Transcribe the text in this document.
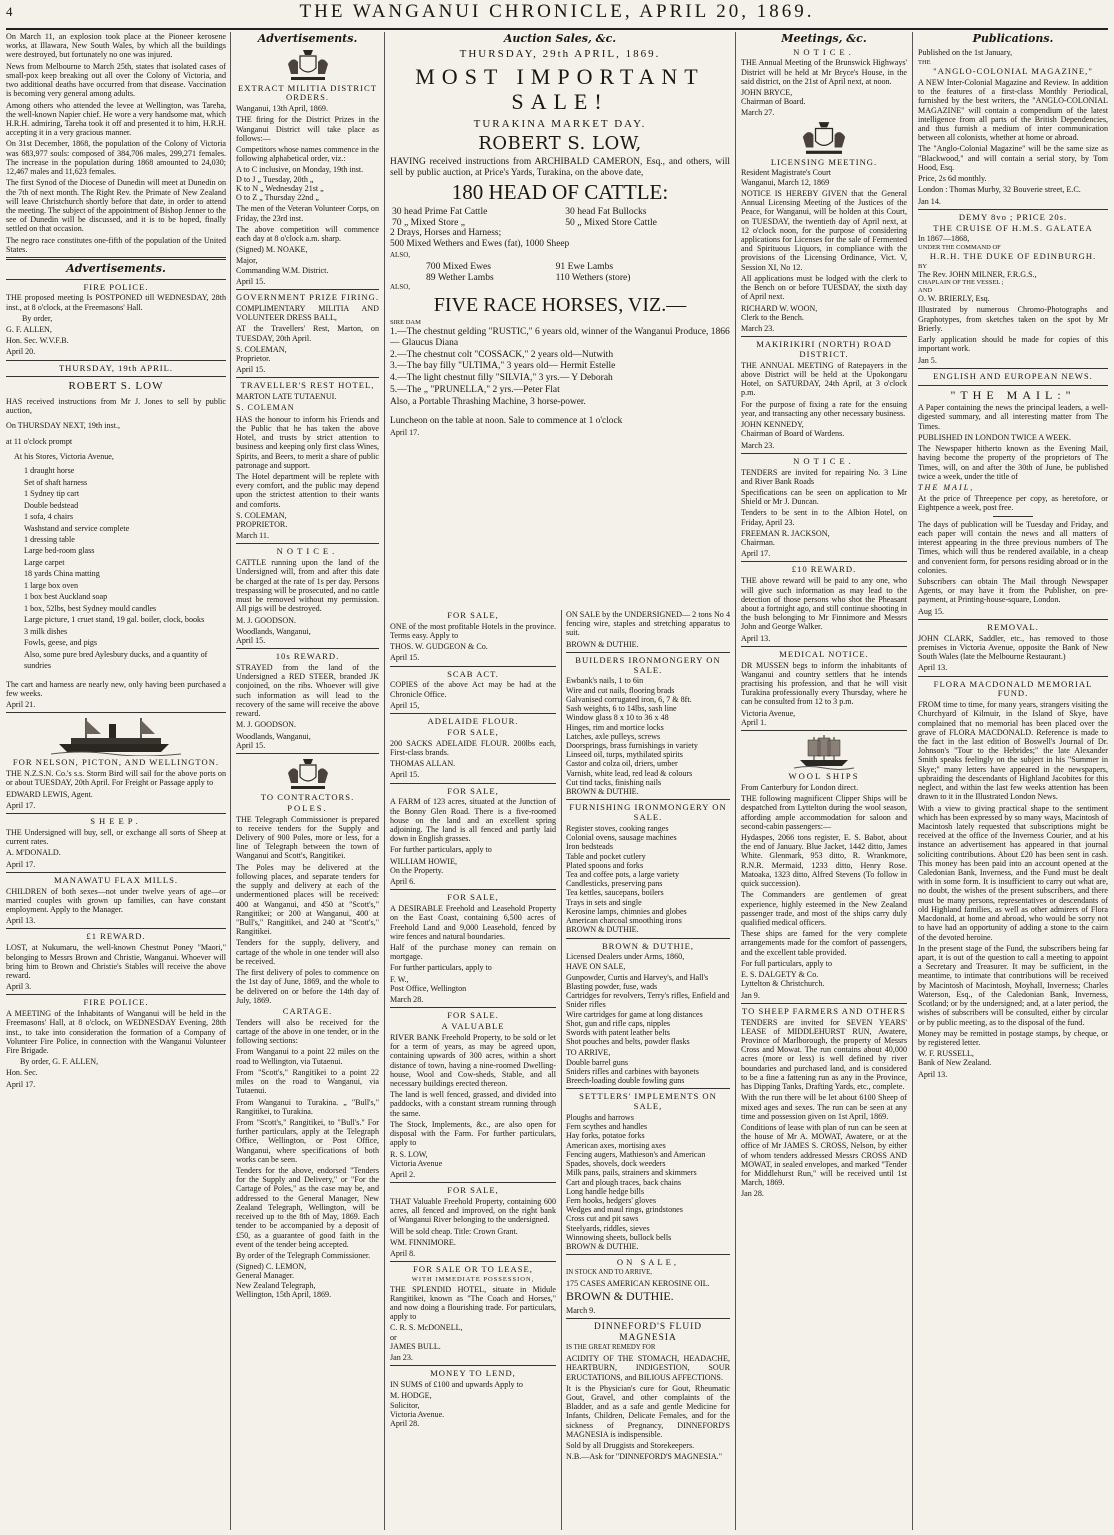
THE WANGANUI CHRONICLE, APRIL 20, 1869.
4

On March 11, an explosion took place at the Pioneer kerosene works, at Illawara, New South Wales, by which all the buildings were destroyed, but fortunately no one was injured.

News from Melbourne to March 25th, states that isolated cases of small-pox keep breaking out all over the Colony of Victoria, and two additional deaths have occurred from that disease. Vaccination is becoming very general among adults.

Among others who attended the levee at Wellington, was Tareha, the well-known Napier chief. He wore a very handsome mat, which H.R.H. admiring, Tareha took it off and presented it to him, H.R.H. accepting it in a very gracious manner.

On 31st December, 1868, the population of the Colony of Victoria was 683,977 souls: composed of 384,706 males, 299,271 females. The increase in the population during 1868 amounted to 24,030; 12,467 males and 11,623 females.

The first Synod of the Diocese of Dunedin will meet at Dunedin on the 7th of next month. The Right Rev. the Primate of New Zealand will leave Christchurch shortly before that date, in order to attend the meeting. The subject of the appointment of Bishop Jenner to the see of Dunedin will be discussed, and it is to be hoped, finally settled on that occasion.

The negro race constitutes one-fifth of the population of the United States.

Advertisements.
FIRE POLICE.

THE proposed meeting Is POSTPONED till WEDNESDAY, 28th inst., at 8 o'clock, at the Freemasons' Hall.

By order,

G. F. ALLEN,

Hon. Sec. W.V.F.B.

April 20.

THURSDAY, 19th APRIL.
ROBERT S. LOW

HAS received instructions from Mr J. Jones to sell by public auction,

On THURSDAY NEXT, 19th inst.,

at 11 o'clock prompt

At his Stores, Victoria Avenue,

1 draught horse
Set of shaft harness
1 Sydney tip cart
Double bedstead
1 sofa, 4 chairs
Washstand and service complete
1 dressing table
Large bed-room glass
Large carpet
18 yards China matting
1 large box oven
1 box best Auckland soap
1 box, 52lbs, best Sydney mould candles
Large picture, 1 cruet stand, 19 gal. boiler, clock, books
3 milk dishes
Fowls, geese, and pigs
Also, some pure bred Aylesbury ducks, and a quantity of sundries

The cart and harness are nearly new, only having been purchased a few weeks.

April 21.

FOR NELSON, PICTON, AND WELLINGTON.

THE N.Z.S.N. Co.'s s.s. Storm Bird will sail for the above ports on or about TUESDAY, 20th April. For Freight or Passage apply to

EDWARD LEWIS, Agent.

April 17.

SHEEP.

THE Undersigned will buy, sell, or exchange all sorts of Sheep at current rates.

A. M'DONALD.

April 17.

MANAWATU FLAX MILLS.

CHILDREN of both sexes—not under twelve years of age—or married couples with grown up families, can have constant employment. Apply to the Manager.

April 13.

£1 REWARD.

LOST, at Nukumaru, the well-known Chestnut Poney "Maori," belonging to Messrs Brown and Christie, Wanganui. Whoever will bring him to Brown and Christie's Stables will receive the above reward.

April 3.

FIRE POLICE.

A MEETING of the Inhabitants of Wanganui will be held in the Freemasons' Hall, at 8 o'clock, on WEDNESDAY Evening, 28th inst., to take into consideration the formation of a Company of Volunteer Fire Police, in connection with the Wanganui Volunteer Fire Brigade.

By order, G. F. ALLEN,

Hon. Sec.

April 17.

Advertisements.
EXTRACT MILITIA DISTRICT ORDERS.

Wanganui, 13th April, 1869.

THE firing for the District Prizes in the Wanganui District will take place as follows:—

Competitors whose names commence in the following alphabetical order, viz.:

A to C inclusive, on Monday, 19th inst.

D to J „ Tuesday, 20th „

K to N „ Wednesday 21st „

O to Z „ Thursday 22nd „

The men of the Veteran Volunteer Corps, on Friday, the 23rd inst.

The above competition will commence each day at 8 o'clock a.m. sharp.

(Signed) M. NOAKE,

Major,

Commanding W.M. District.

April 15.

GOVERNMENT PRIZE FIRING.

COMPLIMENTARY MILITIA AND VOLUNTEER DRESS BALL,

AT the Travellers' Rest, Marton, on TUESDAY, 20th April.

S. COLEMAN,

Proprietor.

April 15.

TRAVELLER'S REST HOTEL,

MARTON LATE TUTAENUI.

S. COLEMAN

HAS the honour to inform his Friends and the Public that he has taken the above Hotel, and trusts by strict attention to business and keeping only first class Wines, Spirits, and Beers, to merit a share of public patronage and support.

The Hotel department will be replete with every comfort, and the public may depend upon the strictest attention to their wants and comforts.

S. COLEMAN,

PROPRIETOR.

March 11.

NOTICE.

CATTLE running upon the land of the Undersigned will, from and after this date be charged at the rate of 1s per day. Persons trespassing will be prosecuted, and no cattle must be removed without my permission. All pigs will be destroyed.

M. J. GOODSON.

Woodlands, Wanganui,

April 15.

10s REWARD.

STRAYED from the land of the Undersigned a RED STEER, branded JK conjoined, on the ribs. Whoever will give such information as will lead to the recovery of the same will receive the above reward.

M. J. GOODSON.

Woodlands, Wanganui,

April 15.

TO CONTRACTORS.
POLES.

THE Telegraph Commissioner is prepared to receive tenders for the Supply and Delivery of 900 Poles, more or less, for a line of Telegraph between the town of Wanganui and Scott's, Rangitikei.

The Poles may be delivered at the following places, and separate tenders for the supply and delivery at each of the undermentioned places will be received: 400 at Wanganui, and 450 at "Scott's," Rangitikei; or 200 at Wanganui, 400 at "Bull's," Rangitikei, and 240 at "Scott's," Rangitikei.

Tenders for the supply, delivery, and cartage of the whole in one tender will also be received.

The first delivery of poles to commence on the 1st day of June, 1869, and the whole to be delivered on or before the 14th day of July, 1869.

CARTAGE.

Tenders will also be received for the cartage of the above in one tender, or in the following sections:

From Wanganui to a point 22 miles on the road to Wellington, via Tutaenui.

From "Scott's," Rangitikei to a point 22 miles on the road to Wanganui, via Tutaenui.

From Wanganui to Turakina. „ "Bull's," Rangitikei, to Turakina.

From "Scott's," Rangitikei, to "Bull's." For further particulars, apply at the Telegraph Office, Wellington, or Post Office, Wanganui, where specifications of both works can be seen.

Tenders for the above, endorsed "Tenders for the Supply and Delivery," or "For the Cartage of Poles," as the case may be, and addressed to the General Manager, New Zealand Telegraph, Wellington, will be received up to the 8th of May, 1869. Each tender to be accompanied by a deposit of £50, as a guarantee of good faith in the event of the tender being accepted.

By order of the Telegraph Commissioner.

(Signed) C. LEMON,

General Manager.

New Zealand Telegraph,

Wellington, 15th April, 1869.

Auction Sales, &c.
THURSDAY, 29th APRIL, 1869.
MOST IMPORTANT SALE!
TURAKINA MARKET DAY.
ROBERT S. LOW,

HAVING received instructions from ARCHIBALD CAMERON, Esq., and others, will sell by public auction, at Price's Yards, Turakina, on the above date,

180 HEAD OF CATTLE:
30 head Prime Fat Cattle	30 head Fat Bullocks
70 „ Mixed Store „	50 „ Mixed Store Cattle

2 Drays, Horses and Harness;

500 Mixed Wethers and Ewes (fat), 1000 Sheep

ALSO,

700 Mixed Ewes	91 Ewe Lambs
89 Wether Lambs	110 Wethers (store)

ALSO,

FIVE RACE HORSES, VIZ.—

SIRE DAM

1.—The chestnut gelding "RUSTIC," 6 years old, winner of the Wanganui Produce, 1866— Glaucus Diana
2.—The chestnut colt "COSSACK," 2 years old—Nutwith
3.—The bay filly "ULTIMA," 3 years old— Hermit Estelle
4.—The light chestnut filly "SILVIA," 3 yrs.— Y Deborah
5.—The „ "PRUNELLA," 2 yrs.—Peter Flat

Also, a Portable Thrashing Machine, 3 horse-power.

Luncheon on the table at noon. Sale to commence at 1 o'clock

April 17.

FOR SALE,

ONE of the most profitable Hotels in the province. Terms easy. Apply to

THOS. W. GUDGEON & Co.

April 15.

SCAB ACT.

COPIES of the above Act may be had at the Chronicle Office.

April 15,

ADELAIDE FLOUR.
FOR SALE,

200 SACKS ADELAIDE FLOUR. 200lbs each, First-class brands.

THOMAS ALLAN.

April 15.

FOR SALE,

A FARM of 123 acres, situated at the Junction of the Bonny Glen Road. There is a five-roomed house on the land and an excellent spring adjoining. The land is all fenced and partly laid down in English grasses.

For further particulars, apply to

WILLIAM HOWIE,

On the Property.

April 6.

FOR SALE,

A DESIRABLE Freehold and Leasehold Property on the East Coast, containing 6,500 acres of Freehold Land and 9,000 Leasehold, fenced by wire fences and natural boundaries.

Half of the purchase money can remain on mortgage.

For further particulars, apply to

F. W.,

Post Office, Wellington

March 28.

FOR SALE.
A VALUABLE

RIVER BANK Freehold Property, to be sold or let for a term of years, as may be agreed upon, containing upwards of 300 acres, within a short distance of town, having a nine-roomed Dwelling-house, Wool and Cow-sheds, Stable, and all necessary buildings erected thereon.

The land is well fenced, grassed, and divided into paddocks, with a constant stream running through the same.

The Stock, Implements, &c., are also open for disposal with the Farm. For further particulars, apply to

R. S. LOW,

Victoria Avenue

April 2.

FOR SALE,

THAT Valuable Freehold Property, containing 600 acres, all fenced and improved, on the right bank of Wanganui River belonging to the undersigned.

Will be sold cheap. Title: Crown Grant.

WM. FINNIMORE.

April 8.

FOR SALE OR TO LEASE,
WITH IMMEDIATE POSSESSION,

THE SPLENDID HOTEL, situate in Midule Rangitikei, known as "The Coach and Horses," and now doing a flourishing trade. For particulars, apply to

C. R. S. McDONELL,

or

JAMES BULL.

Jan 23.

MONEY TO LEND,

IN SUMS of £100 and upwards Apply to

M. HODGE,

Solicitor,

Victoria Avenue.

April 28.

ON SALE by the UNDERSIGNED— 2 tons No 4 fencing wire, staples and stretching apparatus to suit.

BROWN & DUTHIE.

BUILDERS IRONMONGERY ON SALE.
Ewbank's nails, 1 to 6in
Wire and cut nails, flooring brads
Galvanised corrugated iron, 6, 7 & 8ft.
Sash weights, 6 to 14lbs, sash line
Window glass 8 x 10 to 36 x 48
Hinges, rim and mortice locks
Latches, axle pulleys, screws
Doorsprings, brass furnishings in variety
Linseed oil, turps, mythilated spirits
Castor and colza oil, driers, umber
Varnish, white lead, red lead & colours
Cut tind tacks, finishing nails

BROWN & DUTHIE.

FURNISHING IRONMONGERY ON SALE.
Register stoves, cooking ranges
Colonial ovens, sausage machines
Iron bedsteads
Table and pocket cutlery
Plated spoons and forks
Tea and coffee pots, a large variety
Candlesticks, preserving pans
Tea kettles, saucepans, boilers
Trays in sets and single
Kerosine lamps, chimnies and globes
American charcoal smoothing irons

BROWN & DUTHIE.

BROWN & DUTHIE,

Licensed Dealers under Arms, 1860,

HAVE ON SALE,

Gunpowder, Curtis and Harvey's, and Hall's
Blasting powder, fuse, wads
Cartridges for revolvers, Terry's rifles, Enfield and Snider rifles
Wire cartridges for game at long distances
Shot, gun and rifle caps, nipples
Swords with patent leather belts
Shot pouches and belts, powder flasks

TO ARRIVE,

Double barrel guns
Sniders rifles and carbines with bayonets
Breech-loading double fowling guns
SETTLERS' IMPLEMENTS ON SALE,
Ploughs and harrows
Fern scythes and handles
Hay forks, potatoe forks
American axes, mortising axes
Fencing augers, Mathieson's and American
Spades, shovels, dock weeders
Milk pans, pails, strainers and skimmers
Cart and plough traces, back chains
Long handle hedge bills
Fern hooks, hedgers' gloves
Wedges and maul rings, grindstones
Cross cut and pit saws
Steelyards, riddles, sieves
Winnowing sheets, bullock bells

BROWN & DUTHIE.

ON SALE,

IN STOCK AND TO ARRIVE,

175 CASES AMERICAN KEROSINE OIL.

BROWN & DUTHIE.

March 9.

DINNEFORD'S FLUID MAGNESIA

IS THE GREAT REMEDY FOR

ACIDITY OF THE STOMACH, HEADACHE, HEARTBURN, INDIGESTION, SOUR ERUCTATIONS, and BILIOUS AFFECTIONS.

It is the Physician's cure for Gout, Rheumatic Gout, Gravel, and other complaints of the Bladder, and as a safe and gentle Medicine for Infants, Children, Delicate Females, and for the sickness of Pregnancy, DINNEFORD'S MAGNESIA is indispensible.

Sold by all Druggists and Storekeepers.

N.B.—Ask for "DINNEFORD'S MAGNESIA."

Meetings, &c.
NOTICE.

THE Annual Meeting of the Brunswick Highways' District will be held at Mr Bryce's House, in the said district, on the 21st of April next, at noon.

JOHN BRYCE,

Chairman of Board.

March 27.

LICENSING MEETING.

Resident Magistrate's Court

Wanganui, March 12, 1869

NOTICE IS HEREBY GIVEN that the General Annual Licensing Meeting of the Justices of the Peace, for Wanganui, will be holden at this Court, on TUESDAY, the twentieth day of April next, at 12 o'clock noon, for the purpose of considering applications for Licenses for the sale of Fermented and Spirituous Liquors, in compliance with the provisions of the Licensing Ordinance, Vict. V, Session XI, No 12.

All applications must be lodged with the clerk to the Bench on or before TUESDAY, the sixth day of April next.

RICHARD W. WOON,

Clerk to the Bench.

March 23.

MAKIRIKIRI (NORTH) ROAD DISTRICT.

THE ANNUAL MEETING of Ratepayers in the above District will be held at the Upokongaru Hotel, on SATURDAY, 24th April, at 3 o'clock p.m.

For the purpose of fixing a rate for the ensuing year, and transacting any other necessary business.

JOHN KENNEDY,

Chairman of Board of Wardens.

March 23.

NOTICE.

TENDERS are invited for repairing No. 3 Line and River Bank Roads

Specifications can be seen on application to Mr Shield or Mr J. Duncan.

Tenders to be sent in to the Albion Hotel, on Friday, April 23.

FREEMAN R. JACKSON,

Chairman.

April 17.

£10 REWARD.

THE above reward will be paid to any one, who will give such information as may lead to the detection of those persons who shot the Pheasant about a fortnight ago, and still continue shooting in the bush belonging to Mr Finnimore and Messrs John and George Walker.

April 13.

MEDICAL NOTICE.

DR MUSSEN begs to inform the inhabitants of Wanganui and country settlers that he intends practising his profession, and that he will visit Turakina professionally every Thursday, where he can be consulted from 12 to 3 p.m.

Victoria Avenue,

April 1.

WOOL SHIPS

From Canterbury for London direct.

THE following magnificent Clipper Ships will be despatched from Lyttelton during the wool season, affording ample accommodation for saloon and second-cabin passengers:—

Hydaspes, 2066 tons register, E. S. Babot, about the end of January. Blue Jacket, 1442 ditto, James White. Glenmark, 953 ditto, R. Wrankmore, R.N.R. Mermaid, 1233 ditto, Henry Rose. Matoaka, 1323 ditto, Alfred Stevens (To follow in quick succession).

The Commanders are gentlemen of great experience, highly esteemed in the New Zealand passenger trade, and most of the ships carry duly qualified medical officers.

These ships are famed for the very complete arrangements made for the comfort of passengers, and the excellent table provided.

For full particulars, apply to

E. S. DALGETY & Co.

Lyttelton & Christchurch.

Jan 9.

TO SHEEP FARMERS AND OTHERS

TENDERS are invited for SEVEN YEARS' LEASE of MIDDLEHURST RUN, Awatere, Province of Marlborough, the property of Messrs Cross and Mowat. The run contains about 40,000 acres (more or less) is well defined by river boundaries and purchased land, and is considered to be a fine a fattening run as any in the Province, has Dipping Tanks, Drafting Yards, etc., complete.

With the run there will be let about 6100 Sheep of mixed ages and sexes. The run can be seen at any time and possession given on 1st April, 1869.

Conditions of lease with plan of run can be seen at the house of Mr A. MOWAT, Awatere, or at the office of Mr JAMES S. CROSS, Nelson, by either of whom tenders addressed Messrs CROSS AND MOWAT, in sealed envelopes, and marked "Tender for Middlehurst Run," will be received until 1st March, 1869.

Jan 28.

Publications.

Published on the 1st January,

THE

"ANGLO-COLONIAL MAGAZINE,"

A NEW Inter-Colonial Magazine and Review. In addition to the features of a first-class Monthly Periodical, furnished by the best writers, the "ANGLO-COLONIAL MAGAZINE" will contain a compendium of the latest intelligence from all parts of the British Dependencies, and thus furnish a medium of inter communication between all colonists, whether at home or abroad.

The "Anglo-Colonial Magazine" will be the same size as "Blackwood," and will contain a serial story, by Tom Hood, Esq.

Price, 2s 6d monthly.

London : Thomas Murby, 32 Bouverie street, E.C.

Jan 14.

DEMY 8vo ; PRICE 20s.
THE CRUISE OF H.M.S. GALATEA

In 1867—1868,

UNDER THE COMMAND OF

H.R.H. THE DUKE OF EDINBURGH.

BY

The Rev. JOHN MILNER, F.R.G.S.,

CHAPLAIN OF THE VESSEL ;

AND

O. W. BRIERLY, Esq.

Illustrated by numerous Chromo-Photographs and Graphotypes, from sketches taken on the spot by Mr Brierly.

Early application should be made for copies of this important work.

Jan 5.

ENGLISH AND EUROPEAN NEWS.
"THE MAIL:"

A Paper containing the news the principal leaders, a well-digested summary, and all interesting matter from The Times.

PUBLISHED IN LONDON TWICE A WEEK.

The Newspaper hitherto known as the Evening Mail, having become the property of the proprietors of The Times, will, on and after the 30th of June, be published twice a week, under the title of

THE MAIL,

At the price of Threepence per copy, as heretofore, or Eightpence a week, post free.

The days of publication will be Tuesday and Friday, and each paper will contain the news and all matters of interest appearing in the three previous numbers of The Times, which will thus be rendered available, in a cheap and convenient form, for persons residing abroad or in the colonies.

Subscribers can obtain The Mail through Newspaper Agents, or may have it from the Publisher, on pre-payment, at Printing-house-square, London.

Aug 15.

REMOVAL.

JOHN CLARK, Saddler, etc., has removed to those premises in Victoria Avenue, opposite the Bank of New South Wales (late the Melbourne Restaurant.)

April 13.

FLORA MACDONALD MEMORIAL FUND.

FROM time to time, for many years, strangers visiting the Churchyard of Kilmuir, in the Island of Skye, have complained that no memorial has been placed over the grave of FLORA MACDONALD. Reference is made to the fact in the last edition of Boswell's Journal of Dr. Johnson's "Tour to the Hebrides;" the late Alexander Smith speaks feelingly on the subject in his "Summer in Skye;" many letters have appeared in the newspapers, upbraiding the descendants of Highland Jacobites for this neglect, and within the last few weeks attention has been drawn to it in the Illustrated London News.

With a view to giving practical shape to the sentiment which has been expressed by so many ways, Macintosh of Macintosh lately requested that subscriptions might be received at the office of the Inverness Courier, and at his instance an advertisement has appeared in that journal soliciting contributions. About £20 has been sent in cash. This money has been paid into an account opened at the Caledonian Bank, Inverness, and the Fund must be dealt with in some form. It is insufficient to carry out what are, no doubt, the wishes of the present subscribers, and there must be many persons, representatives or descendants of old Highland families, as well as other admirers of Flora Macdonald, at home and abroad, who would be sorry not to have had an opportunity of adding a stone to the cairn of the devoted heroine.

In the present stage of the Fund, the subscribers being far apart, it is out of the question to call a meeting to appoint a Secretary and Treasurer. It may be sufficient, in the meantime, to intimate that contributions will be received by Macintosh of Macintosh, Moyhall, Inverness; Charles Waterson, Esq., of the Caledonian Bank, Inverness, Scotland; or by the undersigned; and, at a later period, the wishes of subscribers will be consulted, either by circular or by public meeting, as to the disposal of the fund.

Money may be remitted in postage stamps, by cheque, or by registered letter.

W. F. RUSSELL,

Bank of New Zealand.

April 13.
